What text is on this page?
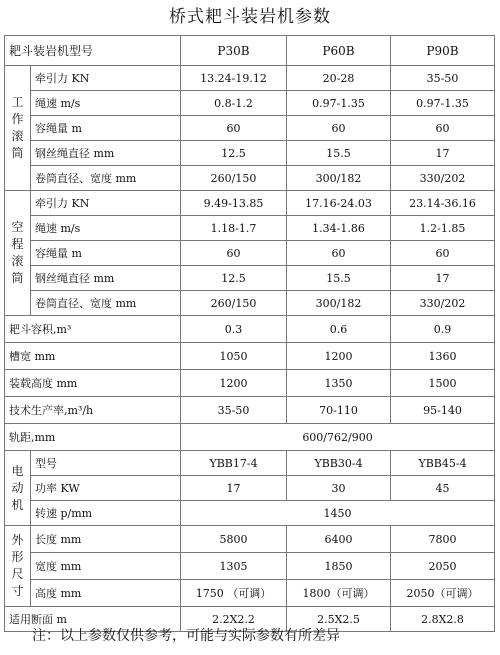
桥式耙斗装岩机参数
耙斗装岩机型号		P30B	P60B	P90B

工
作
滚
筒	牵引力 KN	13.24-19.12	20-28	35-50
	绳速 m/s	0.8-1.2	0.97-1.35	0.97-1.35
	容绳量 m	60	60	60
	钢丝绳直径 mm	12.5	15.5	17
	卷筒直径、宽度 mm	260/150	300/182	330/202

空
程
滚
筒	牵引力 KN	9.49-13.85	17.16-24.03	23.14-36.16
	绳速 m/s	1.18-1.7	1.34-1.86	1.2-1.85
	容绳量 m	60	60	60
	钢丝绳直径 mm	12.5	15.5	17
	卷筒直径、宽度 mm	260/150	300/182	330/202
耙斗容积,m³		0.3	0.6	0.9
槽宽 mm		1050	1200	1360
装载高度 mm		1200	1350	1500
技术生产率,m³/h		35-50	70-110	95-140
轨距,mm		600/762/900		

电
动
机	型号	YBB17-4	YBB30-4	YBB45-4
	功率 KW	17	30	45
	转速 p/mm	1450		

外
形
尺
寸	长度 mm	5800	6400	7800
	宽度 mm	1305	1850	2050
	高度 mm	1750 （可调）	1800（可调）	2050（可调）
适用断面 m		2.2X2.2	2.5X2.5	2.8X2.8
注：以上参数仅供参考，可能与实际参数有所差异
